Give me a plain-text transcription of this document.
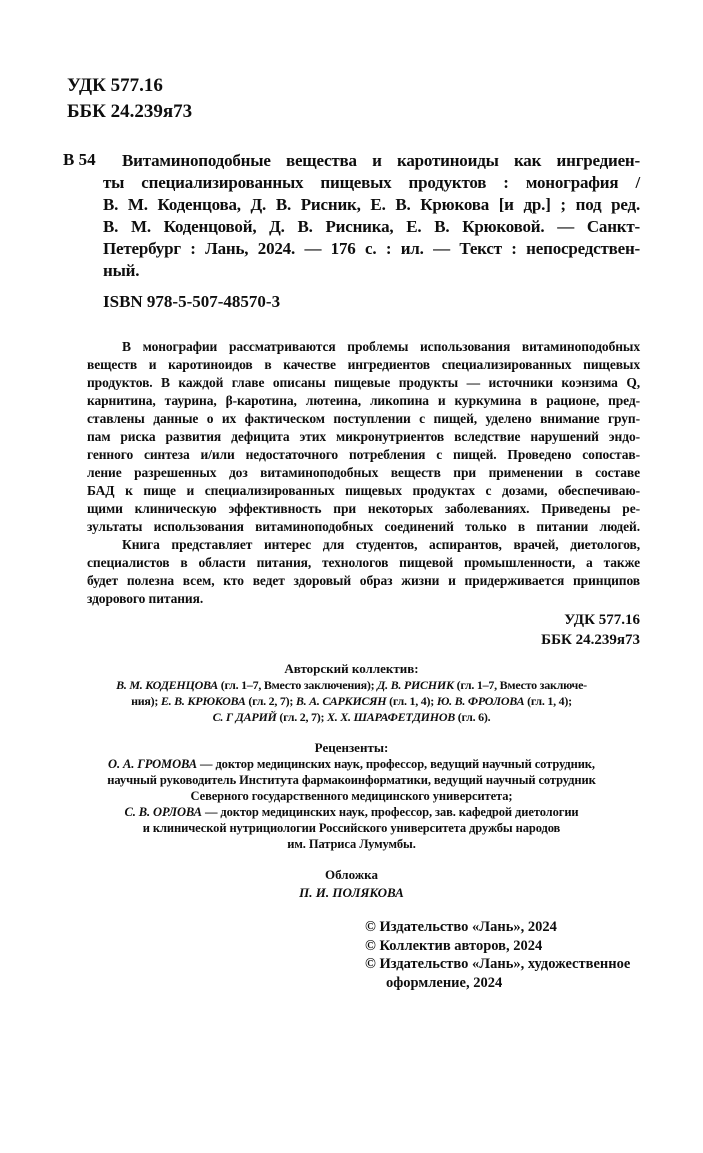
УДК 577.16
ББК 24.239я73
В 54	Витаминоподобные вещества и каротиноиды как ингредиен-
ты специализированных пищевых продуктов : монография /
В. М. Коденцова, Д. В. Рисник, Е. В. Крюкова [и др.] ; под ред.
В. М. Коденцовой, Д. В. Рисника, Е. В. Крюковой. — Санкт-
Петербург : Лань, 2024. — 176 с. : ил. — Текст : непосредствен-
ный.
ISBN 978-5-507-48570-3
В монографии рассматриваются проблемы использования витаминоподобных
веществ и каротиноидов в качестве ингредиентов специализированных пищевых
продуктов. В каждой главе описаны пищевые продукты — источники коэнзима Q,
карнитина, таурина, β-каротина, лютеина, ликопина и куркумина в рационе, пред-
ставлены данные о их фактическом поступлении с пищей, уделено внимание груп-
пам риска развития дефицита этих микронутриентов вследствие нарушений эндо-
генного синтеза и/или недостаточного потребления с пищей. Проведено сопостав-
ление разрешенных доз витаминоподобных веществ при применении в составе
БАД к пище и специализированных пищевых продуктах с дозами, обеспечиваю-
щими клиническую эффективность при некоторых заболеваниях. Приведены ре-
зультаты использования витаминоподобных соединений только в питании людей.
Книга представляет интерес для студентов, аспирантов, врачей, диетологов,
специалистов в области питания, технологов пищевой промышленности, а также
будет полезна всем, кто ведет здоровый образ жизни и придерживается принципов
здорового питания.
УДК 577.16
ББК 24.239я73
Авторский коллектив:
В. М. КОДЕНЦОВА (гл. 1–7, Вместо заключения); Д. В. РИСНИК (гл. 1–7, Вместо заключе-
ния); Е. В. КРЮКОВА (гл. 2, 7); В. А. САРКИСЯН (гл. 1, 4); Ю. В. ФРОЛОВА (гл. 1, 4);
С. Г ДАРИЙ (гл. 2, 7); Х. Х. ШАРАФЕТДИНОВ (гл. 6).
Рецензенты:
О. А. ГРОМОВА — доктор медицинских наук, профессор, ведущий научный сотрудник,
научный руководитель Института фармакоинформатики, ведущий научный сотрудник
Северного государственного медицинского университета;
С. В. ОРЛОВА — доктор медицинских наук, профессор, зав. кафедрой диетологии
и клинической нутрициологии Российского университета дружбы народов
им. Патриса Лумумбы.
Обложка
П. И. ПОЛЯКОВА
© Издательство «Лань», 2024
© Коллектив авторов, 2024
© Издательство «Лань», художественное оформление, 2024
